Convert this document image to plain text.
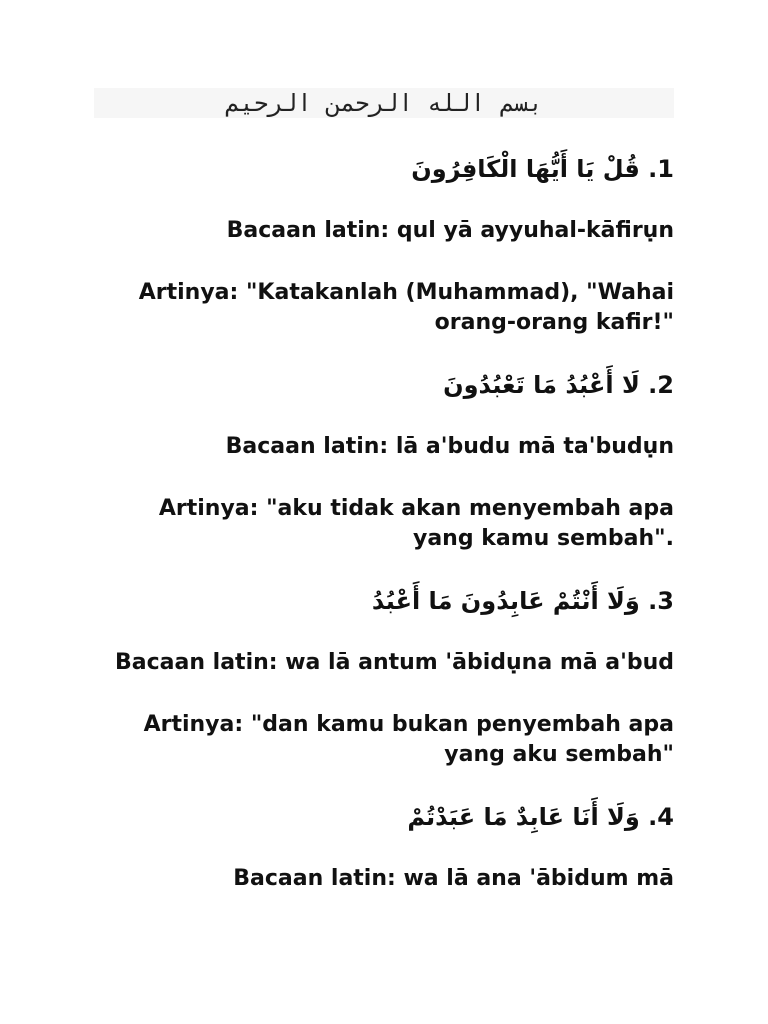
بسم الله الرحمن الرحيم
1. قُلْ يَا أَيُّهَا الْكَافِرُونَ
Bacaan latin: qul yā ayyuhal-kāfirụn
Artinya: "Katakanlah (Muhammad), "Wahai orang-orang kafir!"
2. لَا أَعْبُدُ مَا تَعْبُدُونَ
Bacaan latin: lā a'budu mā ta'budụn
Artinya: "aku tidak akan menyembah apa yang kamu sembah".
3. وَلَا أَنْتُمْ عَابِدُونَ مَا أَعْبُدُ
Bacaan latin: wa lā antum 'ābidụna mā a'bud
Artinya: "dan kamu bukan penyembah apa yang aku sembah"
4. وَلَا أَنَا عَابِدٌ مَا عَبَدْتُمْ
Bacaan latin: wa lā ana 'ābidum mā
